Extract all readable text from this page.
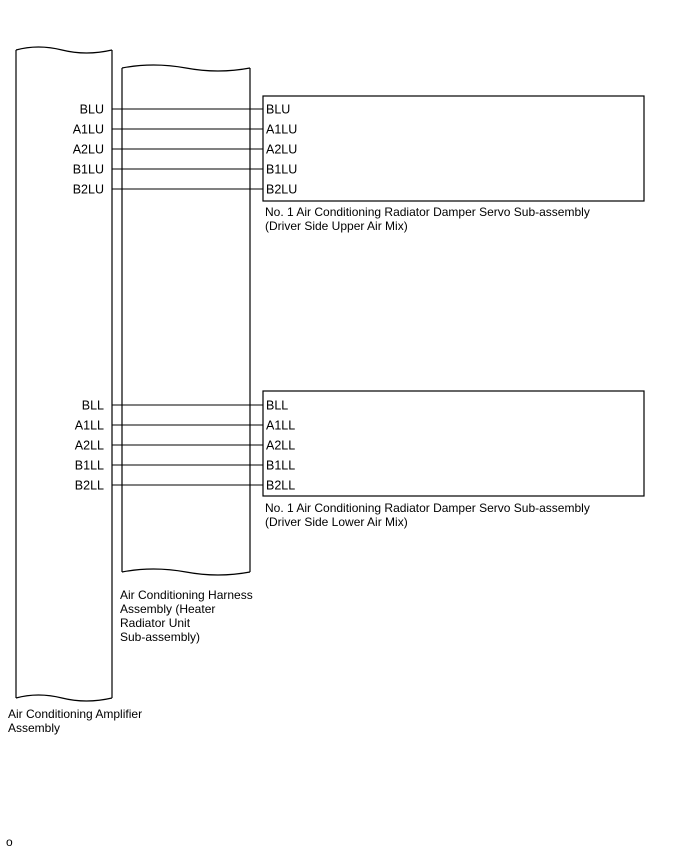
BLU
A1LU
A2LU
B1LU
B2LU
BLL
A1LL
A2LL
B1LL
B2LL
BLU
A1LU
A2LU
B1LU
B2LU
BLL
A1LL
A2LL
B1LL
B2LL
No. 1 Air Conditioning Radiator Damper Servo Sub-assembly
(Driver Side Upper Air Mix)
No. 1 Air Conditioning Radiator Damper Servo Sub-assembly
(Driver Side Lower Air Mix)
Air Conditioning Harness
Assembly (Heater
Radiator Unit
Sub-assembly)
Air Conditioning Amplifier
Assembly
o
